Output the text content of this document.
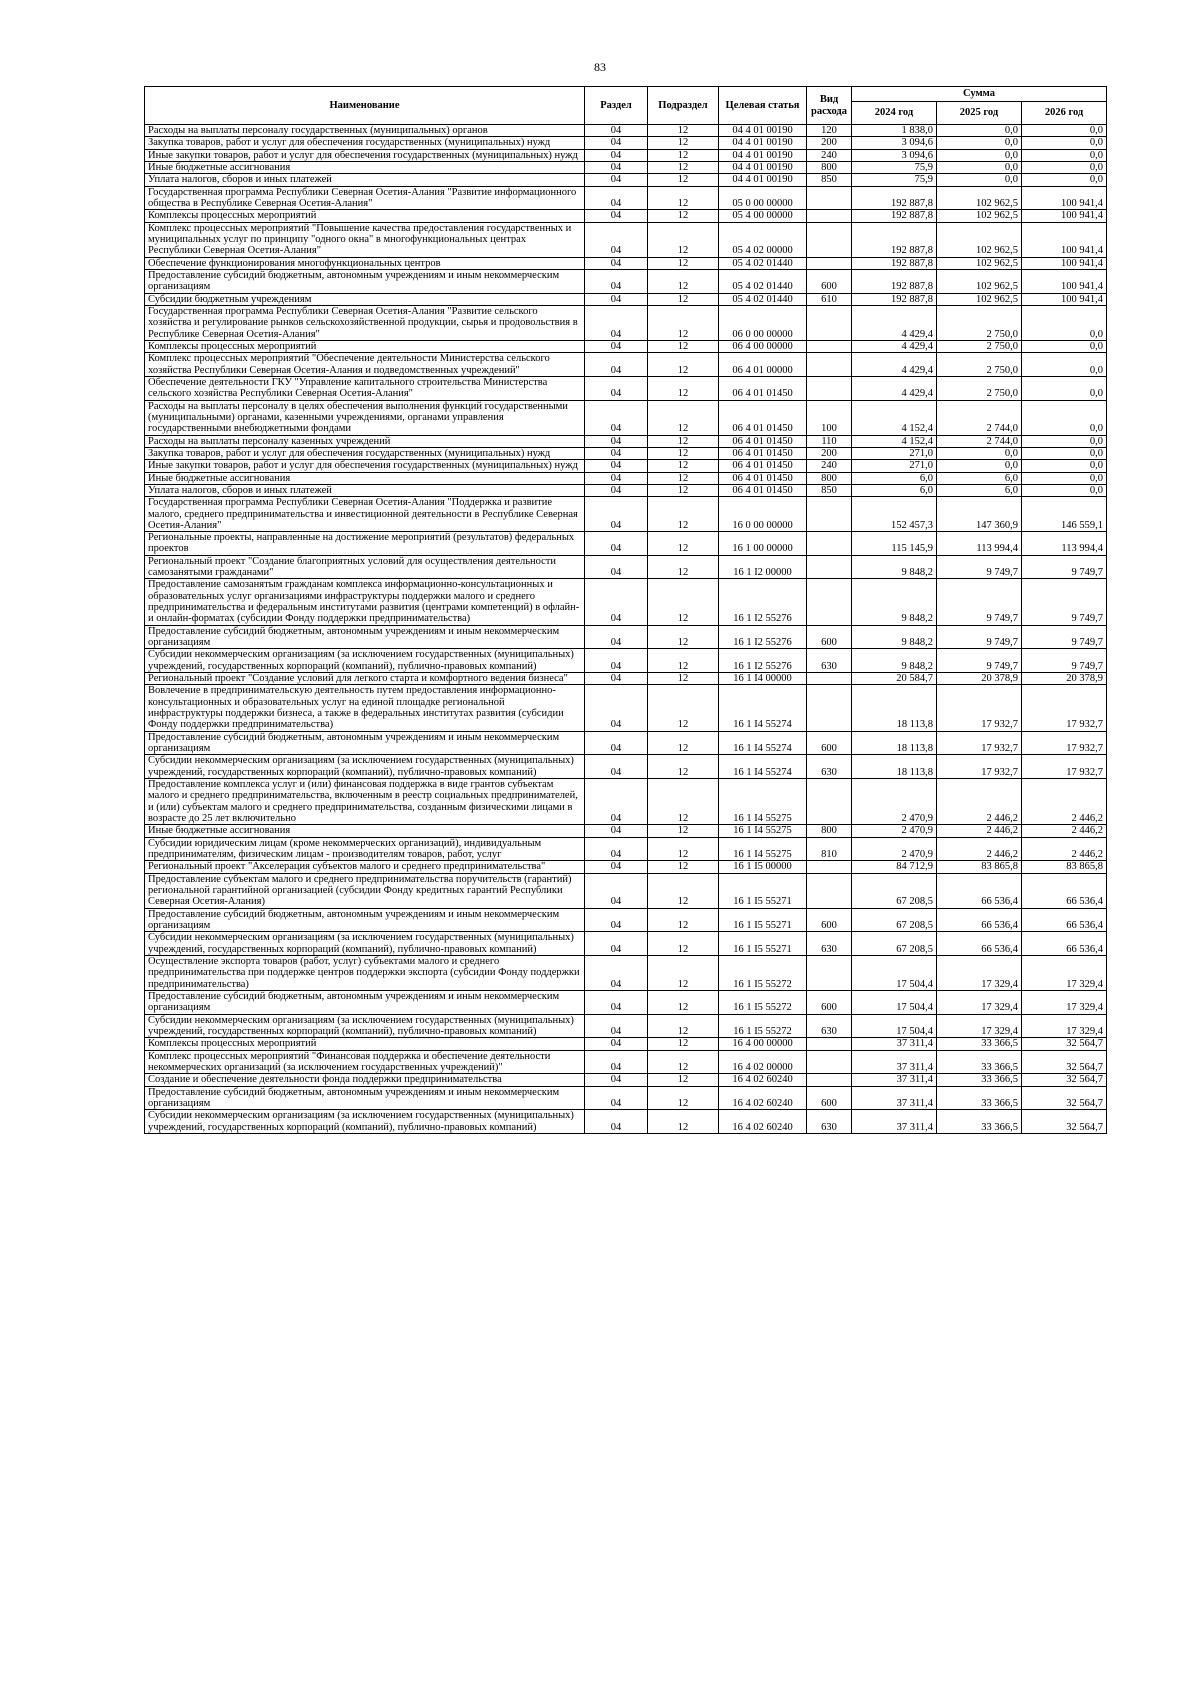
83
Наименование	Раздел	Подраздел	Целевая статья	Вид расхода	Сумма		
					2024 год	2025 год	2026 год
Расходы на выплаты персоналу государственных (муниципальных) органов	04	12	04 4 01 00190	120	1 838,0	0,0	0,0
Закупка товаров, работ и услуг для обеспечения государственных (муниципальных) нужд	04	12	04 4 01 00190	200	3 094,6	0,0	0,0
Иные закупки товаров, работ и услуг для обеспечения государственных (муниципальных) нужд	04	12	04 4 01 00190	240	3 094,6	0,0	0,0
Иные бюджетные ассигнования	04	12	04 4 01 00190	800	75,9	0,0	0,0
Уплата налогов, сборов и иных платежей	04	12	04 4 01 00190	850	75,9	0,0	0,0
Государственная программа Республики Северная Осетия-Алания "Развитие информационного общества в Республике Северная Осетия-Алания"	04	12	05 0 00 00000		192 887,8	102 962,5	100 941,4
Комплексы процессных мероприятий	04	12	05 4 00 00000		192 887,8	102 962,5	100 941,4
Комплекс процессных мероприятий "Повышение качества предоставления государственных и муниципальных услуг по принципу "одного окна" в многофункциональных центрах Республики Северная Осетия-Алания"	04	12	05 4 02 00000		192 887,8	102 962,5	100 941,4
Обеспечение функционирования многофункциональных центров	04	12	05 4 02 01440		192 887,8	102 962,5	100 941,4
Предоставление субсидий бюджетным, автономным учреждениям и иным некоммерческим организациям	04	12	05 4 02 01440	600	192 887,8	102 962,5	100 941,4
Субсидии бюджетным учреждениям	04	12	05 4 02 01440	610	192 887,8	102 962,5	100 941,4
Государственная программа Республики Северная Осетия-Алания "Развитие сельского хозяйства и регулирование рынков сельскохозяйственной продукции, сырья и продовольствия в Республике Северная Осетия-Алания"	04	12	06 0 00 00000		4 429,4	2 750,0	0,0
Комплексы процессных мероприятий	04	12	06 4 00 00000		4 429,4	2 750,0	0,0
Комплекс процессных мероприятий "Обеспечение деятельности Министерства сельского хозяйства Республики Северная Осетия-Алания и подведомственных учреждений"	04	12	06 4 01 00000		4 429,4	2 750,0	0,0
Обеспечение деятельности ГКУ "Управление капитального строительства Министерства сельского хозяйства Республики Северная Осетия-Алания"	04	12	06 4 01 01450		4 429,4	2 750,0	0,0
Расходы на выплаты персоналу в целях обеспечения выполнения функций государственными (муниципальными) органами, казенными учреждениями, органами управления государственными внебюджетными фондами	04	12	06 4 01 01450	100	4 152,4	2 744,0	0,0
Расходы на выплаты персоналу казенных учреждений	04	12	06 4 01 01450	110	4 152,4	2 744,0	0,0
Закупка товаров, работ и услуг для обеспечения государственных (муниципальных) нужд	04	12	06 4 01 01450	200	271,0	0,0	0,0
Иные закупки товаров, работ и услуг для обеспечения государственных (муниципальных) нужд	04	12	06 4 01 01450	240	271,0	0,0	0,0
Иные бюджетные ассигнования	04	12	06 4 01 01450	800	6,0	6,0	0,0
Уплата налогов, сборов и иных платежей	04	12	06 4 01 01450	850	6,0	6,0	0,0
Государственная программа Республики Северная Осетия-Алания "Поддержка и развитие малого, среднего предпринимательства и инвестиционной деятельности в Республике Северная Осетия-Алания"	04	12	16 0 00 00000		152 457,3	147 360,9	146 559,1
Региональные проекты, направленные на достижение мероприятий (результатов) федеральных проектов	04	12	16 1 00 00000		115 145,9	113 994,4	113 994,4
Региональный проект "Создание благоприятных условий для осуществления деятельности самозанятыми гражданами"	04	12	16 1 I2 00000		9 848,2	9 749,7	9 749,7
Предоставление самозанятым гражданам комплекса информационно-консультационных и образовательных услуг организациями инфраструктуры поддержки малого и среднего предпринимательства и федеральным институтами развития (центрами компетенций) в офлайн- и онлайн-форматах (субсидии Фонду поддержки предпринимательства)	04	12	16 1 I2 55276		9 848,2	9 749,7	9 749,7
Предоставление субсидий бюджетным, автономным учреждениям и иным некоммерческим организациям	04	12	16 1 I2 55276	600	9 848,2	9 749,7	9 749,7
Субсидии некоммерческим организациям (за исключением государственных (муниципальных) учреждений, государственных корпораций (компаний), публично-правовых компаний)	04	12	16 1 I2 55276	630	9 848,2	9 749,7	9 749,7
Региональный проект "Создание условий для легкого старта и комфортного ведения бизнеса"	04	12	16 1 I4 00000		20 584,7	20 378,9	20 378,9
Вовлечение в предпринимательскую деятельность путем предоставления информационно-консультационных и образовательных услуг на единой площадке региональной инфраструктуры поддержки бизнеса, а также в федеральных институтах развития (субсидии Фонду поддержки предпринимательства)	04	12	16 1 I4 55274		18 113,8	17 932,7	17 932,7
Предоставление субсидий бюджетным, автономным учреждениям и иным некоммерческим организациям	04	12	16 1 I4 55274	600	18 113,8	17 932,7	17 932,7
Субсидии некоммерческим организациям (за исключением государственных (муниципальных) учреждений, государственных корпораций (компаний), публично-правовых компаний)	04	12	16 1 I4 55274	630	18 113,8	17 932,7	17 932,7
Предоставление комплекса услуг и (или) финансовая поддержка в виде грантов субъектам малого и среднего предпринимательства, включенным в реестр социальных предпринимателей, и (или) субъектам малого и среднего предпринимательства, созданным физическими лицами в возрасте до 25 лет включительно	04	12	16 1 I4 55275		2 470,9	2 446,2	2 446,2
Иные бюджетные ассигнования	04	12	16 1 I4 55275	800	2 470,9	2 446,2	2 446,2
Субсидии юридическим лицам (кроме некоммерческих организаций), индивидуальным предпринимателям, физическим лицам - производителям товаров, работ, услуг	04	12	16 1 I4 55275	810	2 470,9	2 446,2	2 446,2
Региональный проект "Акселерация субъектов малого и среднего предпринимательства"	04	12	16 1 I5 00000		84 712,9	83 865,8	83 865,8
Предоставление субъектам малого и среднего предпринимательства поручительств (гарантий) региональной гарантийной организацией (субсидии Фонду кредитных гарантий Республики Северная Осетия-Алания)	04	12	16 1 I5 55271		67 208,5	66 536,4	66 536,4
Предоставление субсидий бюджетным, автономным учреждениям и иным некоммерческим организациям	04	12	16 1 I5 55271	600	67 208,5	66 536,4	66 536,4
Субсидии некоммерческим организациям (за исключением государственных (муниципальных) учреждений, государственных корпораций (компаний), публично-правовых компаний)	04	12	16 1 I5 55271	630	67 208,5	66 536,4	66 536,4
Осуществление экспорта товаров (работ, услуг) субъектами малого и среднего предпринимательства при поддержке центров поддержки экспорта (субсидии Фонду поддержки предпринимательства)	04	12	16 1 I5 55272		17 504,4	17 329,4	17 329,4
Предоставление субсидий бюджетным, автономным учреждениям и иным некоммерческим организациям	04	12	16 1 I5 55272	600	17 504,4	17 329,4	17 329,4
Субсидии некоммерческим организациям (за исключением государственных (муниципальных) учреждений, государственных корпораций (компаний), публично-правовых компаний)	04	12	16 1 I5 55272	630	17 504,4	17 329,4	17 329,4
Комплексы процессных мероприятий	04	12	16 4 00 00000		37 311,4	33 366,5	32 564,7
Комплекс процессных мероприятий "Финансовая поддержка и обеспечение деятельности некоммерческих организаций (за исключением государственных учреждений)"	04	12	16 4 02 00000		37 311,4	33 366,5	32 564,7
Создание и обеспечение деятельности фонда поддержки предпринимательства	04	12	16 4 02 60240		37 311,4	33 366,5	32 564,7
Предоставление субсидий бюджетным, автономным учреждениям и иным некоммерческим организациям	04	12	16 4 02 60240	600	37 311,4	33 366,5	32 564,7
Субсидии некоммерческим организациям (за исключением государственных (муниципальных) учреждений, государственных корпораций (компаний), публично-правовых компаний)	04	12	16 4 02 60240	630	37 311,4	33 366,5	32 564,7
